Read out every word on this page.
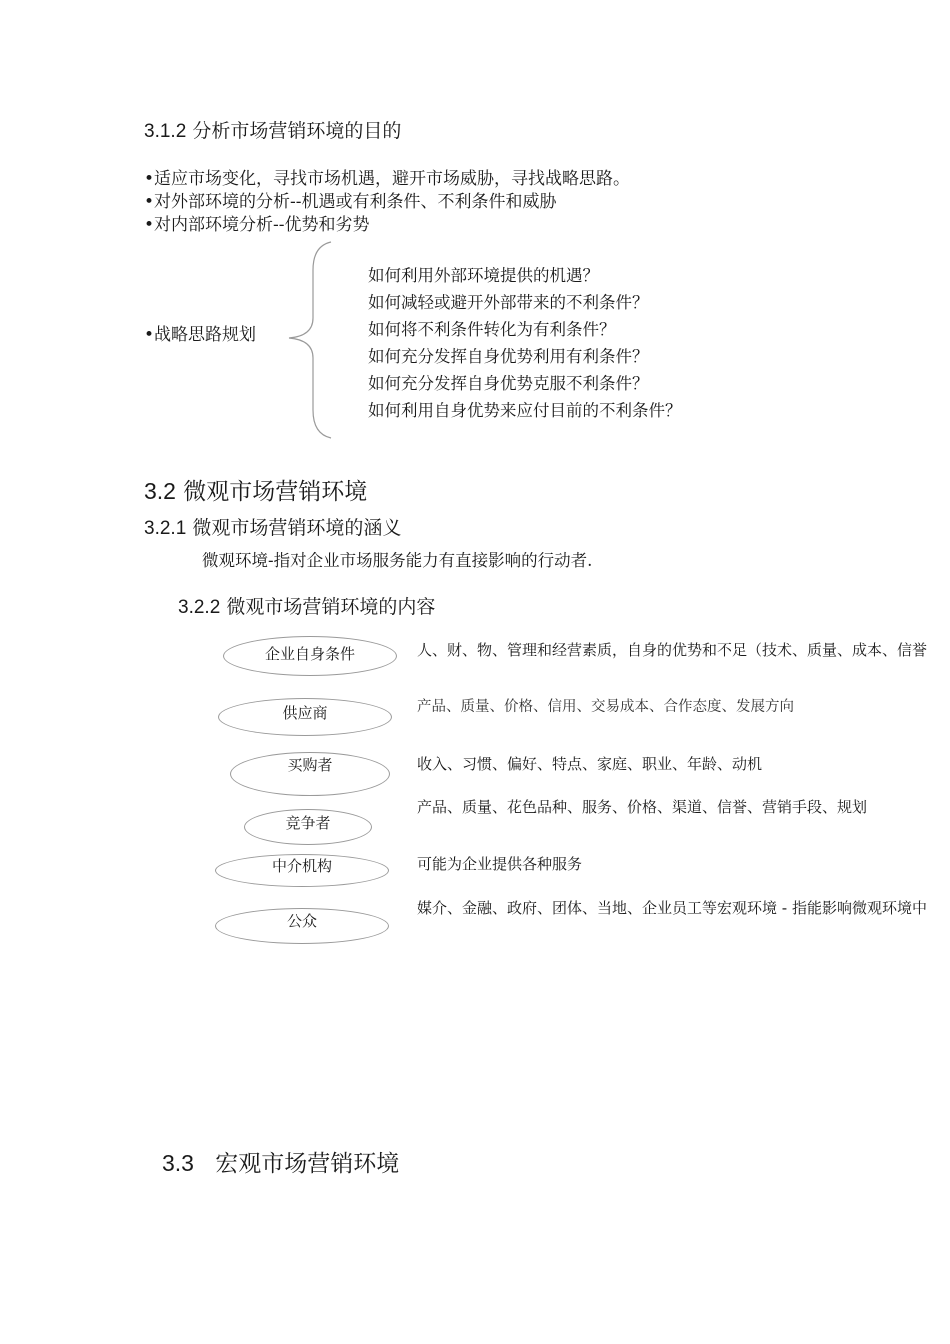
3.1.2 分析市场营销环境的目的
•适应市场变化，寻找市场机遇，避开市场威胁，寻找战略思路。
•对外部环境的分析--机遇或有利条件、不利条件和威胁
•对内部环境分析--优势和劣势
•战略思路规划
如何利用外部环境提供的机遇？
如何减轻或避开外部带来的不利条件？
如何将不利条件转化为有利条件？
如何充分发挥自身优势利用有利条件？
如何充分发挥自身优势克服不利条件？
如何利用自身优势来应付目前的不利条件？
3.2 微观市场营销环境
3.2.1 微观市场营销环境的涵义
微观环境-指对企业市场服务能力有直接影响的行动者.
3.2.2 微观市场营销环境的内容
企业自身条件
供应商
买购者
竞争者
中介机构
公众
人、财、物、管理和经营素质，自身的优势和不足（技术、质量、成本、信誉
产品、质量、价格、信用、交易成本、合作态度、发展方向
收入、习惯、偏好、特点、家庭、职业、年龄、动机
产品、质量、花色品种、服务、价格、渠道、信誉、营销手段、规划
可能为企业提供各种服务
媒介、金融、政府、团体、当地、企业员工等宏观环境 - 指能影响微观环境中
3.3 宏观市场营销环境
